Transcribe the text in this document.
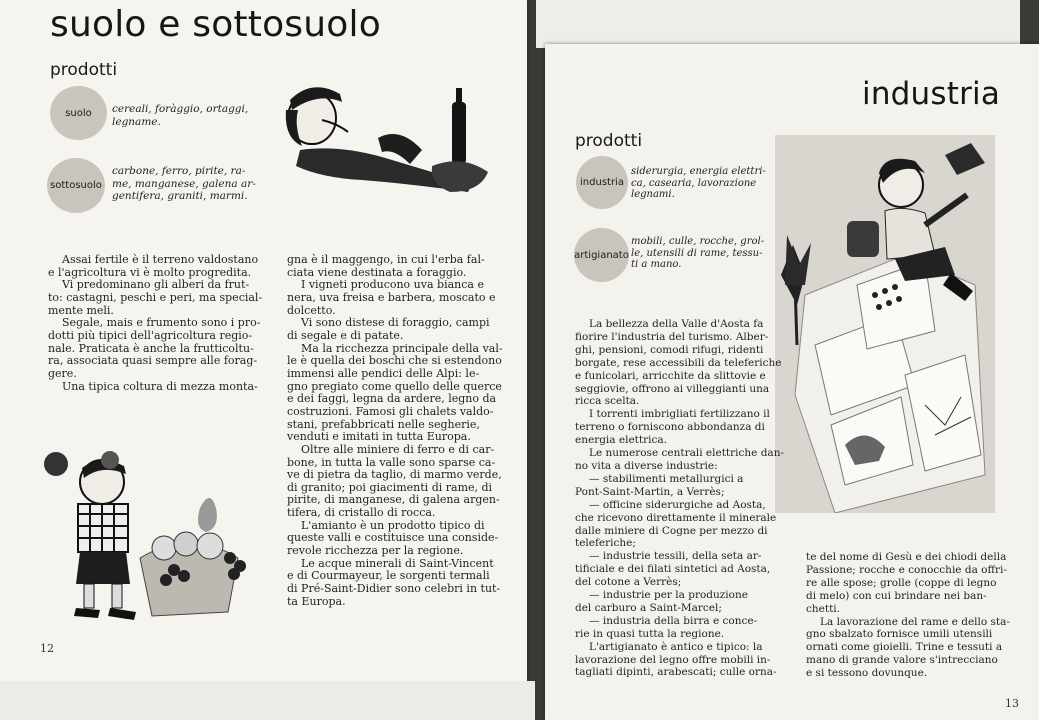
suolo e sottosuolo
prodotti
suolo cereali, foràggio, ortaggi,
legname.
sottosuolo
carbone, ferro, pirite, ra-
me, manganese, galena ar-
gentifera, graniti, marmi.

Assai fertile è il terreno valdostano

e l'agricoltura vi è molto progredita.

Vi predominano gli alberi da frut-

to: castagni, peschi e peri, ma special-

mente meli.

Segale, mais e frumento sono i pro-

dotti più tipici dell'agricoltura regio-

nale. Praticata è anche la frutticoltu-

ra, associata quasi sempre alle forag-

gere.

Una tipica coltura di mezza monta-

gna è il maggengo, in cui l'erba fal-

ciata viene destinata a foraggio.

I vigneti producono uva bianca e

nera, uva freisa e barbera, moscato e

dolcetto.

Vi sono distese di foraggio, campi

di segale e di patate.

Ma la ricchezza principale della val-

le è quella dei boschi che si estendono

immensi alle pendici delle Alpi: le-

gno pregiato come quello delle querce

e dei faggi, legna da ardere, legno da

costruzioni. Famosi gli chalets valdo-

stani, prefabbricati nelle segherie,

venduti e imitati in tutta Europa.

Oltre alle miniere di ferro e di car-

bone, in tutta la valle sono sparse ca-

ve di pietra da taglio, di marmo verde,

di granito; poi giacimenti di rame, di

pirite, di manganese, di galena argen-

tifera, di cristallo di rocca.

L'amianto è un prodotto tipico di

queste valli e costituisce una conside-

revole ricchezza per la regione.

Le acque minerali di Saint-Vincent

e di Courmayeur, le sorgenti termali

di Pré-Saint-Didier sono celebri in tut-

ta Europa.

12
industria
prodotti
industria
siderurgia, energia elettri-
ca, casearia, lavorazione
legnami.
artigianato
mobili, culle, rocche, grol-
le, utensili di rame, tessu-
ti a mano.

La bellezza della Valle d'Aosta fa

fiorire l'industria del turismo. Alber-

ghi, pensioni, comodi rifugi, ridenti

borgate, rese accessibili da teleferiche

e funicolari, arricchite da slittovie e

seggiovie, offrono ai villeggianti una

ricca scelta.

I torrenti imbrigliati fertilizzano il

terreno o forniscono abbondanza di

energia elettrica.

Le numerose centrali elettriche dan-

no vita a diverse industrie:

— stabilimenti metallurgici a

Pont-Saint-Martin, a Verrès;

— officine siderurgiche ad Aosta,

che ricevono direttamente il minerale

dalle miniere di Cogne per mezzo di

teleferiche;

— industrie tessili, della seta ar-

tificiale e dei filati sintetici ad Aosta,

del cotone a Verrès;

— industrie per la produzione

del carburo a Saint-Marcel;

— industria della birra e conce-

rie in quasi tutta la regione.

L'artigianato è antico e tipico: la

lavorazione del legno offre mobili in-

tagliati dipinti, arabescati; culle orna-

te del nome di Gesù e dei chiodi della

Passione; rocche e conocchie da offri-

re alle spose; grolle (coppe di legno

di melo) con cui brindare nei ban-

chetti.

La lavorazione del rame e dello sta-

gno sbalzato fornisce umili utensili

ornati come gioielli. Trine e tessuti a

mano di grande valore s'intrecciano

e si tessono dovunque.

13
